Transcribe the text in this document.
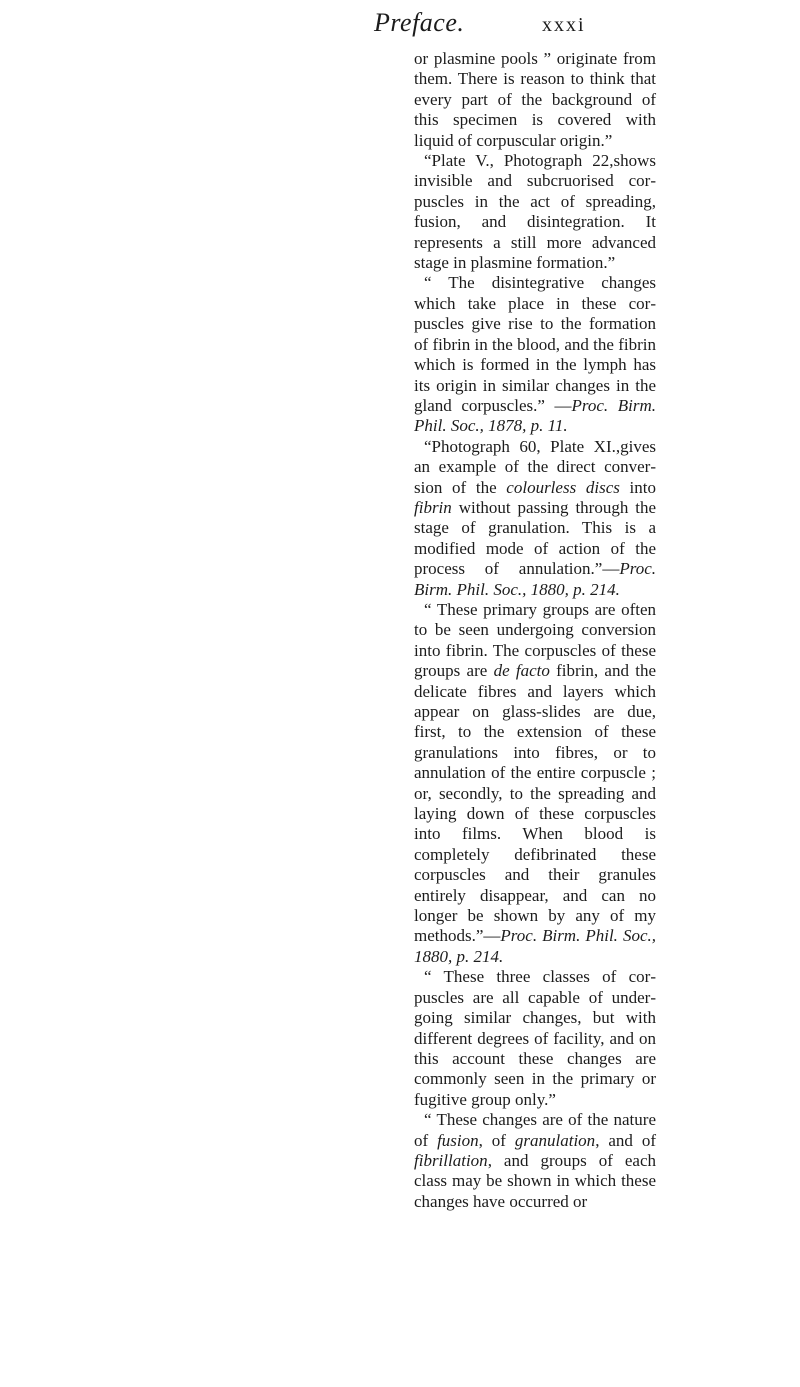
Preface.	xxxi

or plasmine pools ” originate from them. There is reason to think that every part of the background of this specimen is covered with liquid of corpuscular origin.”

“Plate V., Photograph 22,shows invisible and subcruorised corpuscles in the act of spreading, fusion, and disintegration. It represents a still more advanced stage in plasmine formation.”

“ The disintegrative changes which take place in these corpuscles give rise to the formation of fibrin in the blood, and the fibrin which is formed in the lymph has its origin in similar changes in the gland corpuscles.” —Proc. Birm. Phil. Soc., 1878, p. 11.

“Photograph 60, Plate XI.,gives an example of the direct conversion of the colourless discs into fibrin without passing through the stage of granulation. This is a modified mode of action of the process of annulation.”—Proc. Birm. Phil. Soc., 1880, p. 214.

“ These primary groups are often to be seen undergoing conversion into fibrin. The corpuscles of these groups are de facto fibrin, and the delicate fibres and layers which appear on glass-slides are due, first, to the extension of these granulations into fibres, or to annulation of the entire corpuscle ; or, secondly, to the spreading and laying down of these corpuscles into films. When blood is completely defibrinated these corpuscles and their granules entirely disappear, and can no longer be shown by any of my methods.”—Proc. Birm. Phil. Soc., 1880, p. 214.

“ These three classes of corpuscles are all capable of undergoing similar changes, but with different degrees of facility, and on this account these changes are commonly seen in the primary or fugitive group only.”

“ These changes are of the nature of fusion, of granulation, and of fibrillation, and groups of each class may be shown in which these changes have occurred or
